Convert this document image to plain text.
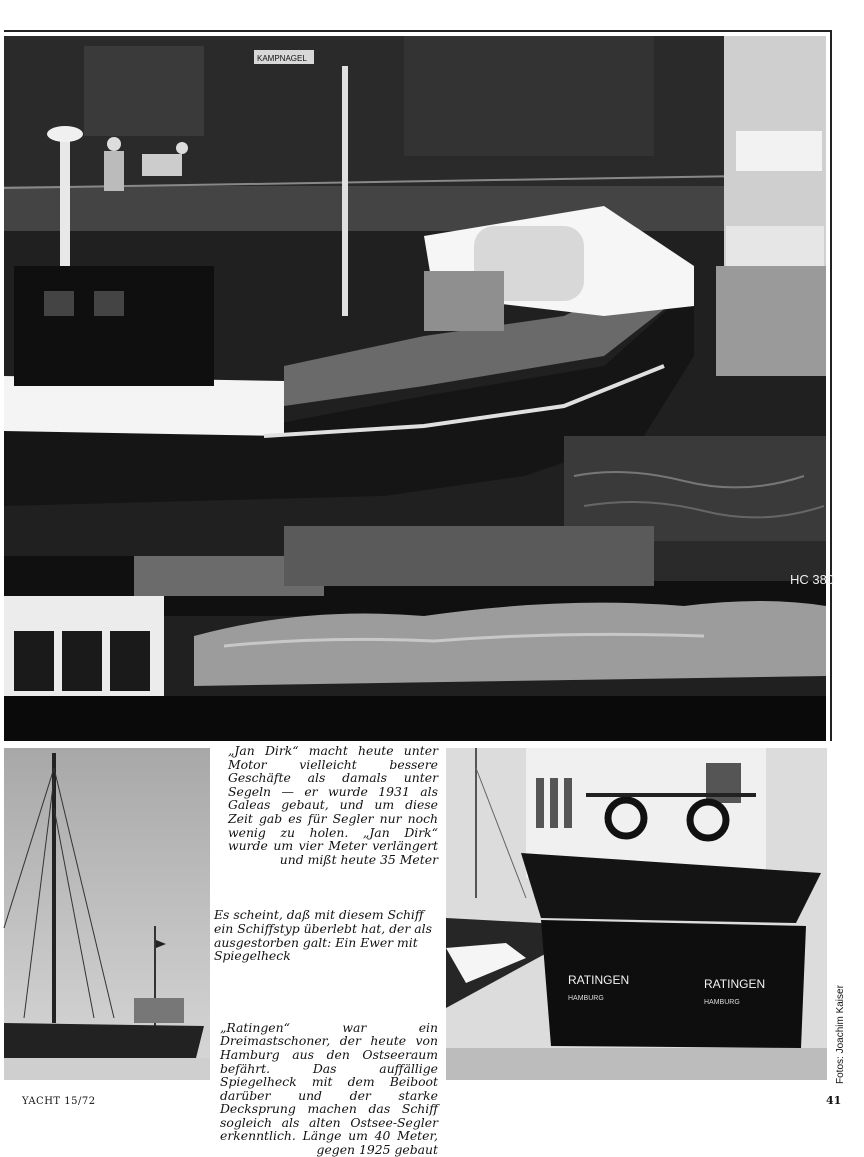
KAMPNAGEL
HC 380
RATINGEN
HAMBURG
RATINGEN
HAMBURG

„Jan Dirk“ macht heute unter Motor vielleicht bessere Geschäfte als damals unter Segeln — er wurde 1931 als Galeas gebaut, und um diese Zeit gab es für Segler nur noch wenig zu holen. „Jan Dirk“ wurde um vier Meter verlängert und mißt heute 35 Meter

Es scheint, daß mit diesem Schiff ein Schiffstyp überlebt hat, der als ausgestorben galt: Ein Ewer mit Spiegelheck

„Ratingen“ war ein Dreimastschoner, der heute von Hamburg aus den Ostseeraum befährt. Das auffällige Spiegelheck mit dem Beiboot darüber und der starke Decksprung machen das Schiff sogleich als alten Ostsee-Segler erkenntlich. Länge um 40 Meter, gegen 1925 gebaut

Fotos: Joachim Kaiser
YACHT 15/72	41
